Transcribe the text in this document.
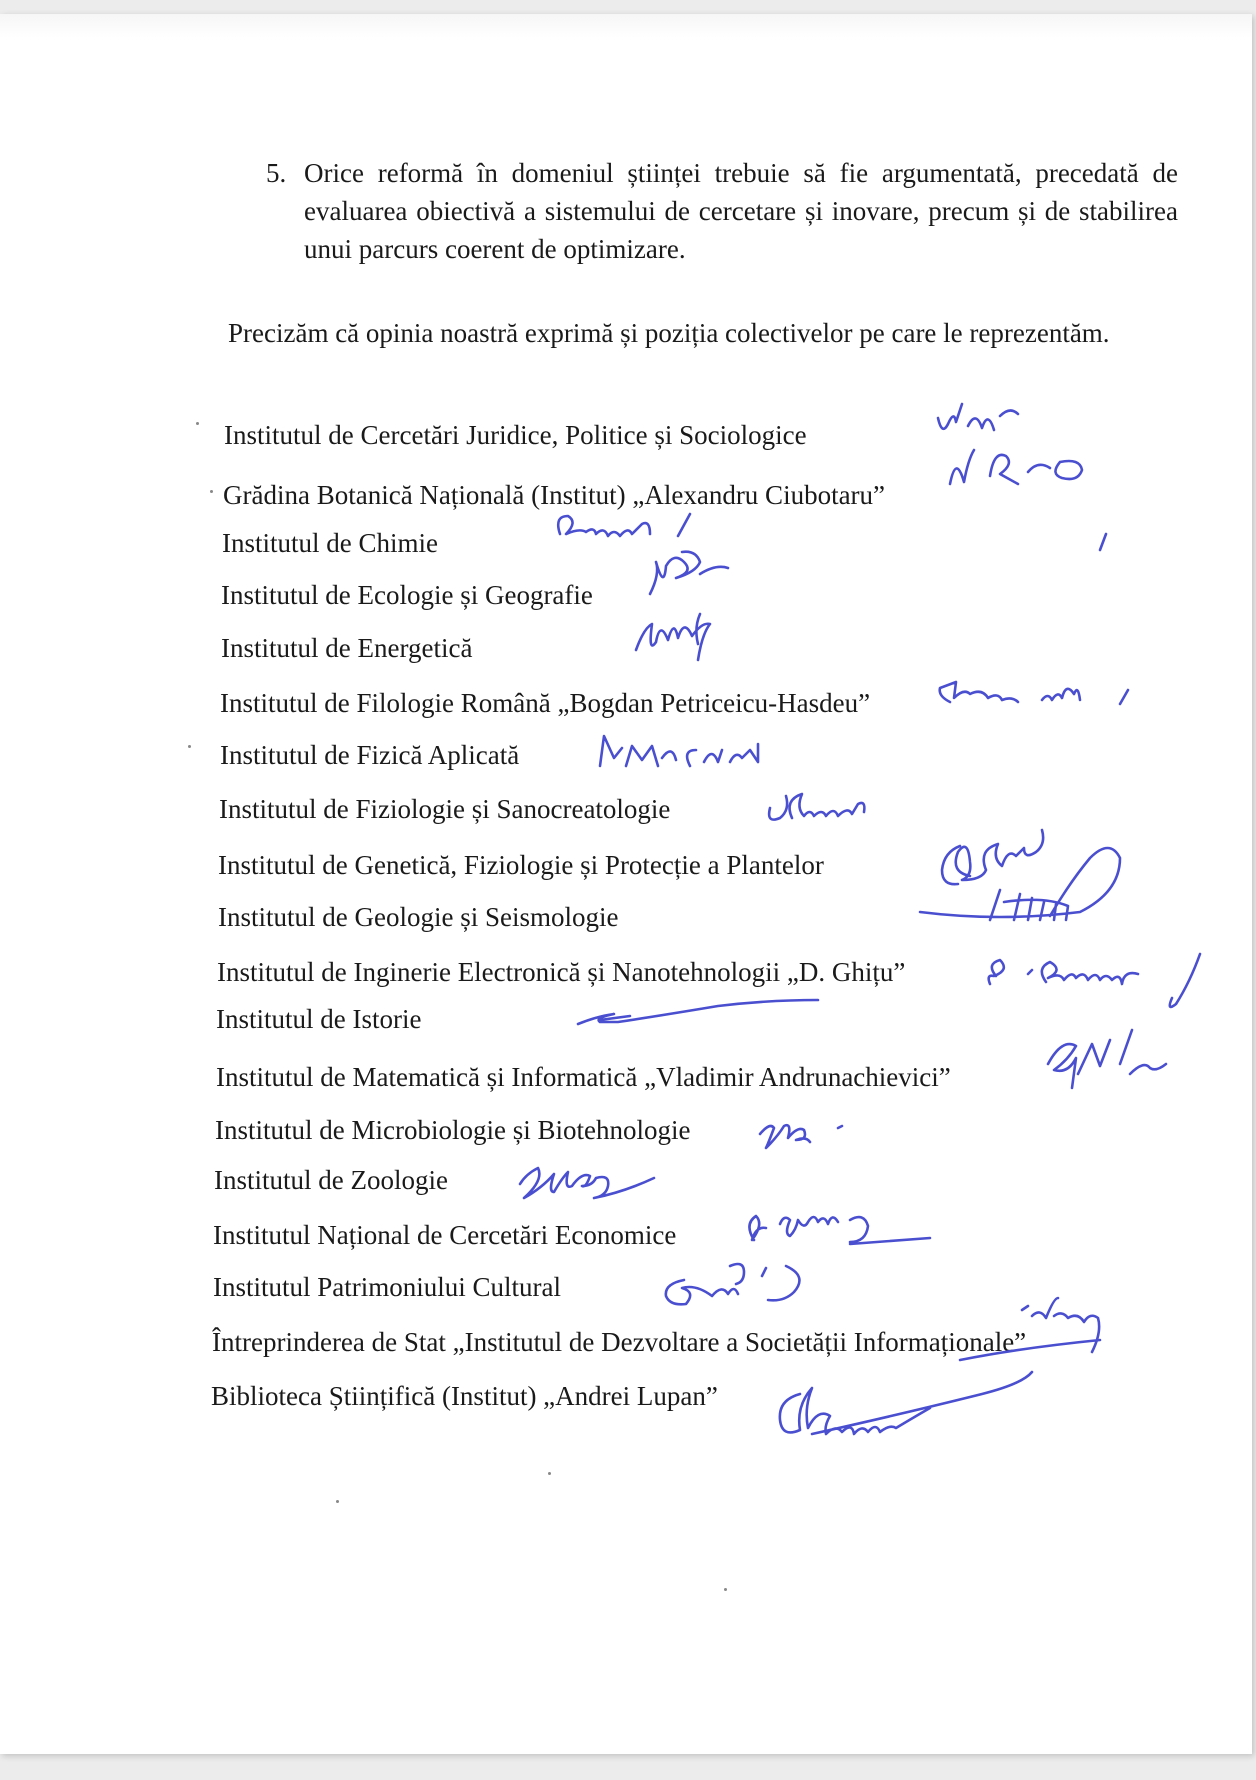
5. Orice reformă în domeniul științei trebuie să fie argumentată, precedată de evaluarea obiectivă a sistemului de cercetare și inovare, precum și de stabilirea unui parcurs coerent de optimizare.
Precizăm că opinia noastră exprimă și poziția colectivelor pe care le reprezentăm.
Institutul de Cercetări Juridice, Politice și Sociologice
Grădina Botanică Națională (Institut) „Alexandru Ciubotaru”
Institutul de Chimie
Institutul de Ecologie și Geografie
Institutul de Energetică
Institutul de Filologie Română „Bogdan Petriceicu-Hasdeu”
Institutul de Fizică Aplicată
Institutul de Fiziologie și Sanocreatologie
Institutul de Genetică, Fiziologie și Protecție a Plantelor
Institutul de Geologie și Seismologie
Institutul de Inginerie Electronică și Nanotehnologii „D. Ghițu”
Institutul de Istorie
Institutul de Matematică și Informatică „Vladimir Andrunachievici”
Institutul de Microbiologie și Biotehnologie
Institutul de Zoologie
Institutul Național de Cercetări Economice
Institutul Patrimoniului Cultural
Întreprinderea de Stat „Institutul de Dezvoltare a Societății Informaționale”
Biblioteca Științifică (Institut) „Andrei Lupan”
